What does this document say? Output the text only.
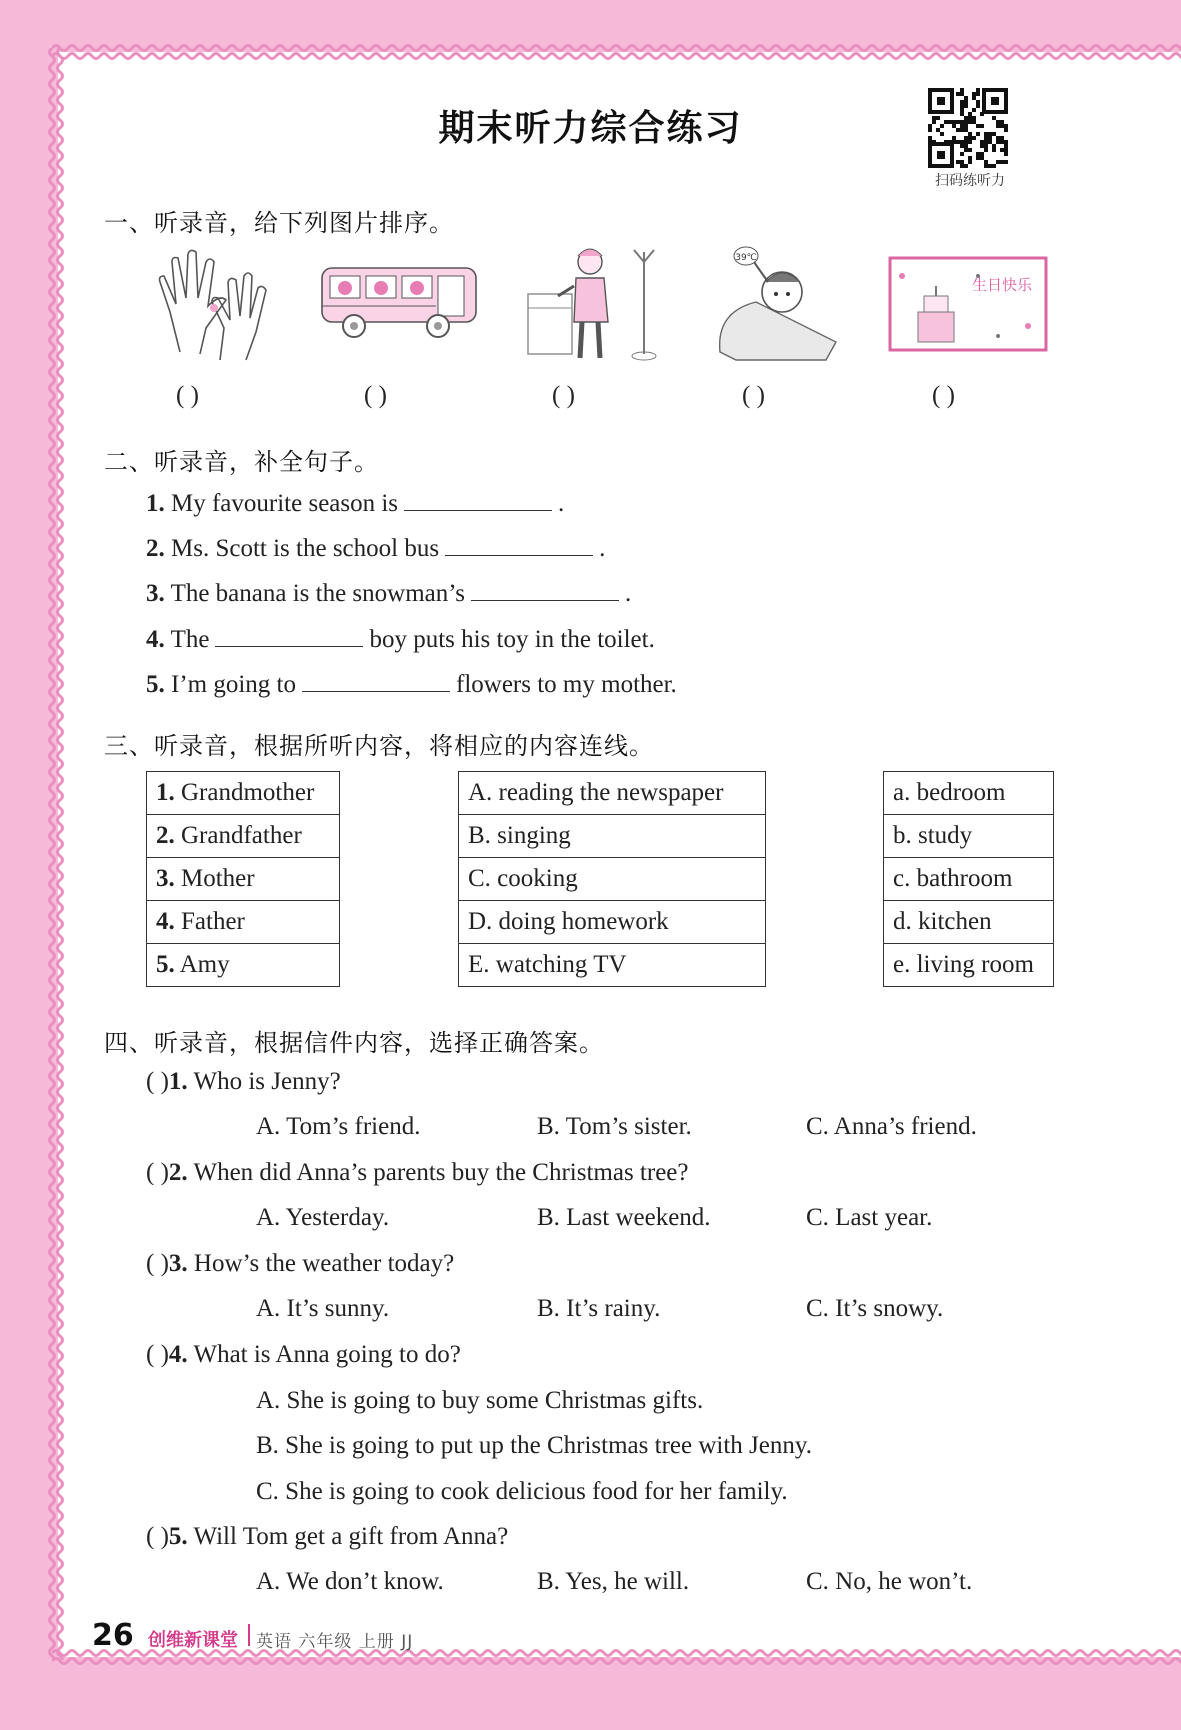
期末听力综合练习
扫码练听力
一、听录音，给下列图片排序。
39℃
生日快乐
( )	( )	( )	( )	( )
二、听录音，补全句子。
1. My favourite season is	.
2. Ms. Scott is the school bus	.
3. The banana is the snowman’s	.
4. The	boy puts his toy in the toilet.
5. I’m going to	flowers to my mother.
三、听录音，根据所听内容，将相应的内容连线。
1. Grandmother
2. Grandfather
3. Mother
4. Father
5. Amy
A. reading the newspaper
B. singing
C. cooking
D. doing homework
E. watching TV
a. bedroom
b. study
c. bathroom
d. kitchen
e. living room
四、听录音，根据信件内容，选择正确答案。
( )1. Who is Jenny?
A. Tom’s friend.	B. Tom’s sister.	C. Anna’s friend.
( )2. When did Anna’s parents buy the Christmas tree?
A. Yesterday.	B. Last weekend.	C. Last year.
( )3. How’s the weather today?
A. It’s sunny.	B. It’s rainy.	C. It’s snowy.
( )4. What is Anna going to do?
A. She is going to buy some Christmas gifts.
B. She is going to put up the Christmas tree with Jenny.
C. She is going to cook delicious food for her family.
( )5. Will Tom get a gift from Anna?
A. We don’t know.	B. Yes, he will.	C. No, he won’t.
26 创维新课堂 英语 六年级 上册 JJ
